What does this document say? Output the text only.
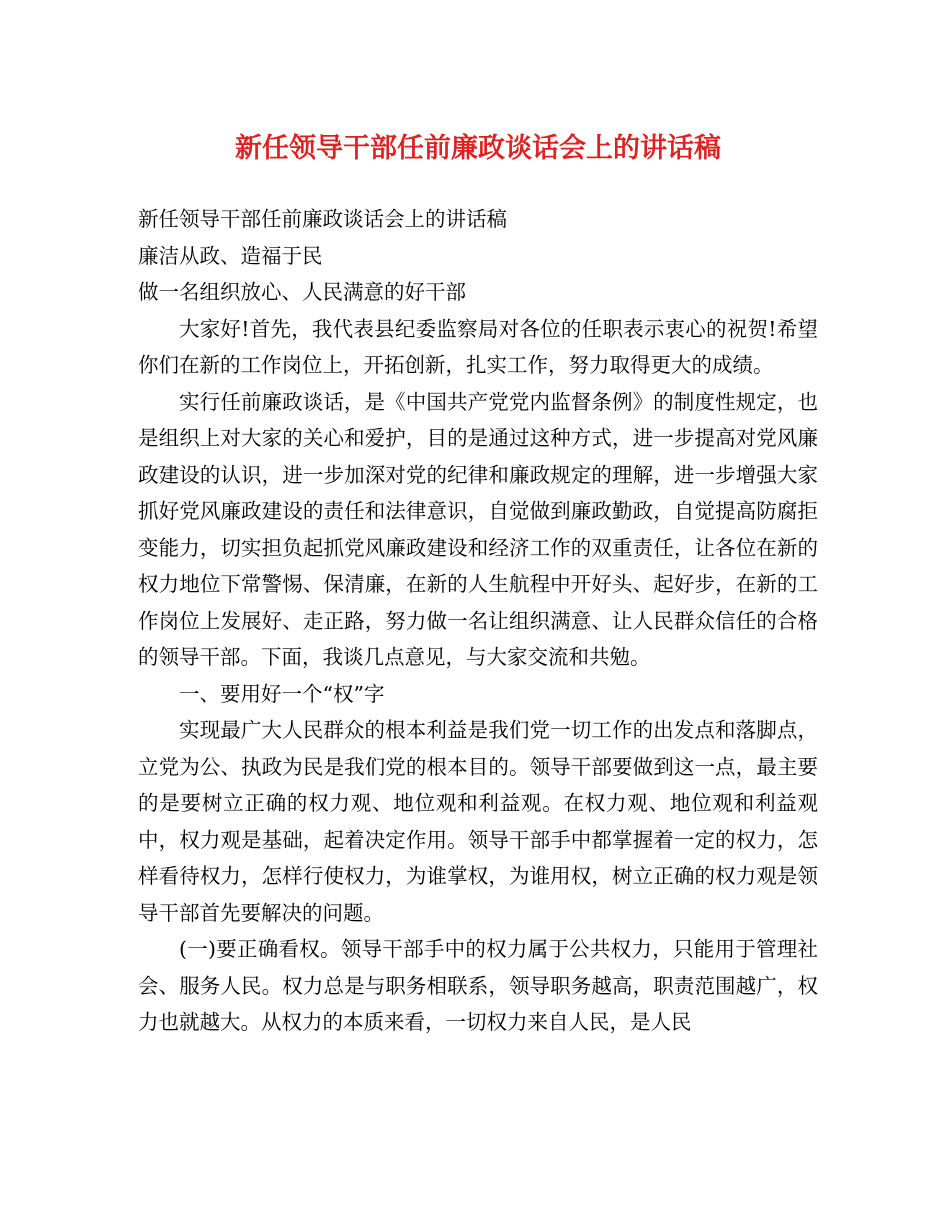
新任领导干部任前廉政谈话会上的讲话稿

新任领导干部任前廉政谈话会上的讲话稿

廉洁从政、造福于民

做一名组织放心、人民满意的好干部

大家好!首先，我代表县纪委监察局对各位的任职表示衷心的祝贺!希望你们在新的工作岗位上，开拓创新，扎实工作，努力取得更大的成绩。

实行任前廉政谈话，是《中国共产党党内监督条例》的制度性规定，也是组织上对大家的关心和爱护，目的是通过这种方式，进一步提高对党风廉政建设的认识，进一步加深对党的纪律和廉政规定的理解，进一步增强大家抓好党风廉政建设的责任和法律意识，自觉做到廉政勤政，自觉提高防腐拒变能力，切实担负起抓党风廉政建设和经济工作的双重责任，让各位在新的权力地位下常警惕、保清廉，在新的人生航程中开好头、起好步，在新的工作岗位上发展好、走正路，努力做一名让组织满意、让人民群众信任的合格的领导干部。下面，我谈几点意见，与大家交流和共勉。

一、要用好一个“权”字

实现最广大人民群众的根本利益是我们党一切工作的出发点和落脚点，立党为公、执政为民是我们党的根本目的。领导干部要做到这一点，最主要的是要树立正确的权力观、地位观和利益观。在权力观、地位观和利益观中，权力观是基础，起着决定作用。领导干部手中都掌握着一定的权力，怎样看待权力，怎样行使权力，为谁掌权，为谁用权，树立正确的权力观是领导干部首先要解决的问题。

(一)要正确看权。领导干部手中的权力属于公共权力，只能用于管理社会、服务人民。权力总是与职务相联系，领导职务越高，职责范围越广，权力也就越大。从权力的本质来看，一切权力来自人民，是人民
